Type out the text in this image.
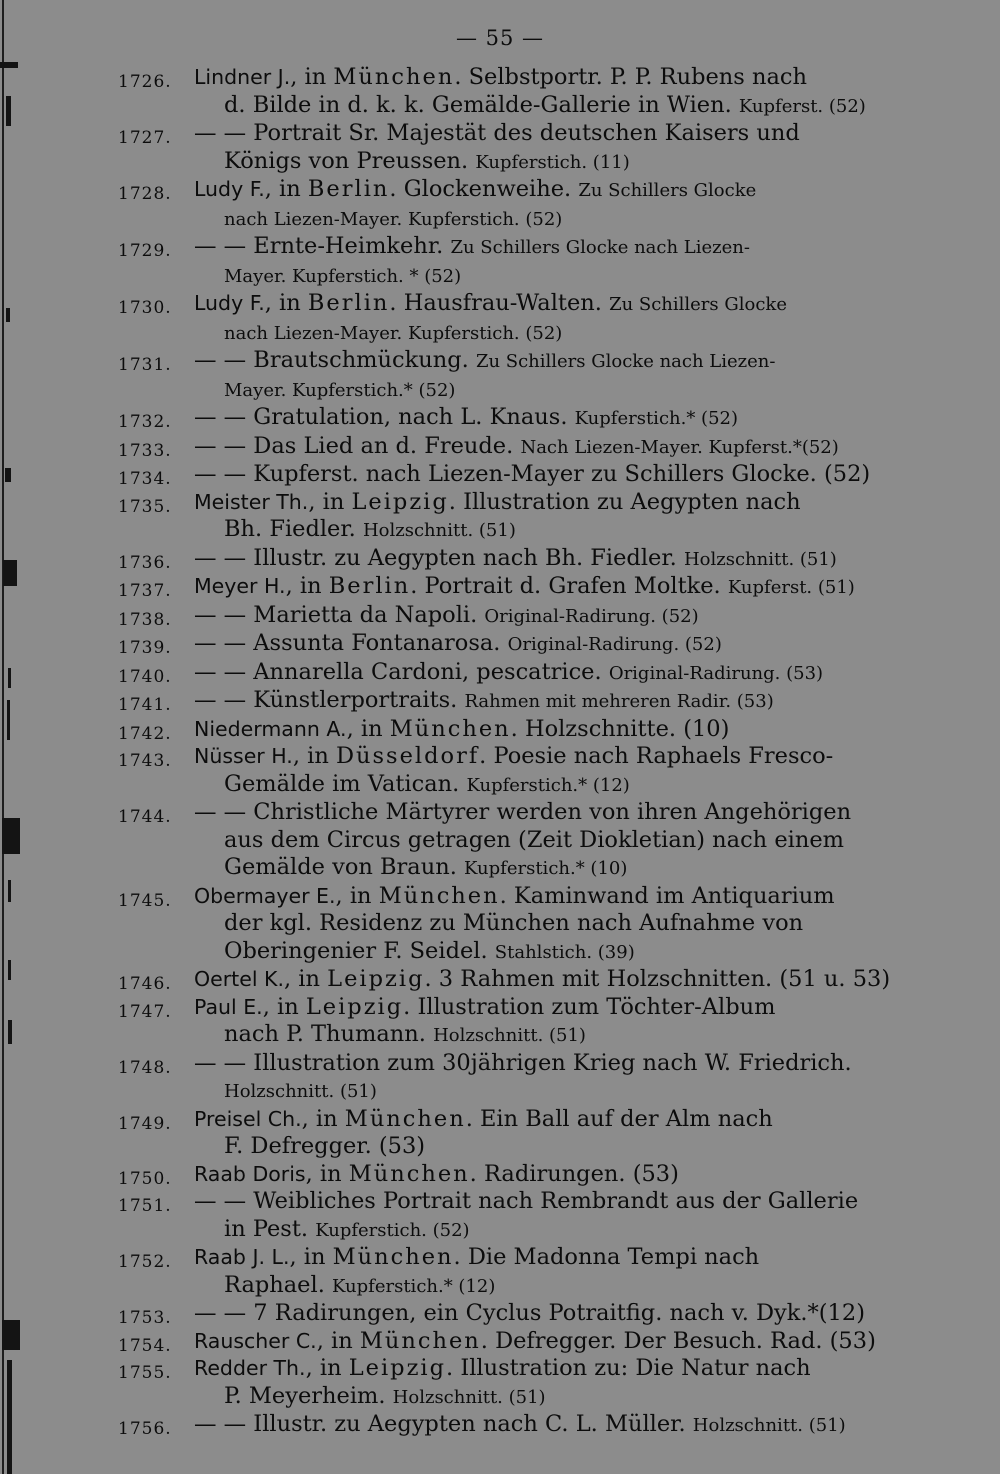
— 55 —
1726.	Lindner J., in München. Selbstportr. P. P. Rubens nach
d. Bilde in d. k. k. Gemälde-Gallerie in Wien. Kupferst. (52)
1727. — — Portrait Sr. Majestät des deutschen Kaisers und
Königs von Preussen. Kupferstich. (11)
1728.	Ludy F., in Berlin. Glockenweihe. Zu Schillers Glocke
nach Liezen-Mayer. Kupferstich. (52)
1729. — — Ernte-Heimkehr. Zu Schillers Glocke nach Liezen-
Mayer. Kupferstich. * (52)
1730.	Ludy F., in Berlin. Hausfrau-Walten. Zu Schillers Glocke
nach Liezen-Mayer. Kupferstich. (52)
1731. — — Brautschmückung. Zu Schillers Glocke nach Liezen-
Mayer. Kupferstich.* (52)
1732. — — Gratulation, nach L. Knaus. Kupferstich.* (52)
1733. — — Das Lied an d. Freude. Nach Liezen-Mayer. Kupferst.*(52)
1734. — — Kupferst. nach Liezen-Mayer zu Schillers Glocke. (52)
1735.	Meister Th., in Leipzig. Illustration zu Aegypten nach
Bh. Fiedler. Holzschnitt. (51)
1736. — — Illustr. zu Aegypten nach Bh. Fiedler. Holzschnitt. (51)
1737.	Meyer H., in Berlin. Portrait d. Grafen Moltke. Kupferst. (51)
1738. — — Marietta da Napoli. Original-Radirung. (52)
1739. — — Assunta Fontanarosa. Original-Radirung. (52)
1740. — — Annarella Cardoni, pescatrice. Original-Radirung. (53)
1741. — — Künstlerportraits. Rahmen mit mehreren Radir. (53)
1742.	Niedermann A., in München. Holzschnitte. (10)
1743.	Nüsser H., in Düsseldorf. Poesie nach Raphaels Fresco-
Gemälde im Vatican. Kupferstich.* (12)
1744. — — Christliche Märtyrer werden von ihren Angehörigen
aus dem Circus getragen (Zeit Diokletian) nach einem
Gemälde von Braun. Kupferstich.* (10)
1745.	Obermayer E., in München. Kaminwand im Antiquarium
der kgl. Residenz zu München nach Aufnahme von
Oberingenier F. Seidel. Stahlstich. (39)
1746.	Oertel K., in Leipzig. 3 Rahmen mit Holzschnitten. (51 u. 53)
1747.	Paul E., in Leipzig. Illustration zum Töchter-Album
nach P. Thumann. Holzschnitt. (51)
1748. — — Illustration zum 30jährigen Krieg nach W. Friedrich.
Holzschnitt. (51)
1749.	Preisel Ch., in München. Ein Ball auf der Alm nach
F. Defregger. (53)
1750.	Raab Doris, in München. Radirungen. (53)
1751. — — Weibliches Portrait nach Rembrandt aus der Gallerie
in Pest. Kupferstich. (52)
1752.	Raab J. L., in München. Die Madonna Tempi nach
Raphael. Kupferstich.* (12)
1753. — — 7 Radirungen, ein Cyclus Potraitfig. nach v. Dyk.*(12)
1754.	Rauscher C., in München. Defregger. Der Besuch. Rad. (53)
1755.	Redder Th., in Leipzig. Illustration zu: Die Natur nach
P. Meyerheim. Holzschnitt. (51)
1756. — — Illustr. zu Aegypten nach C. L. Müller. Holzschnitt. (51)
